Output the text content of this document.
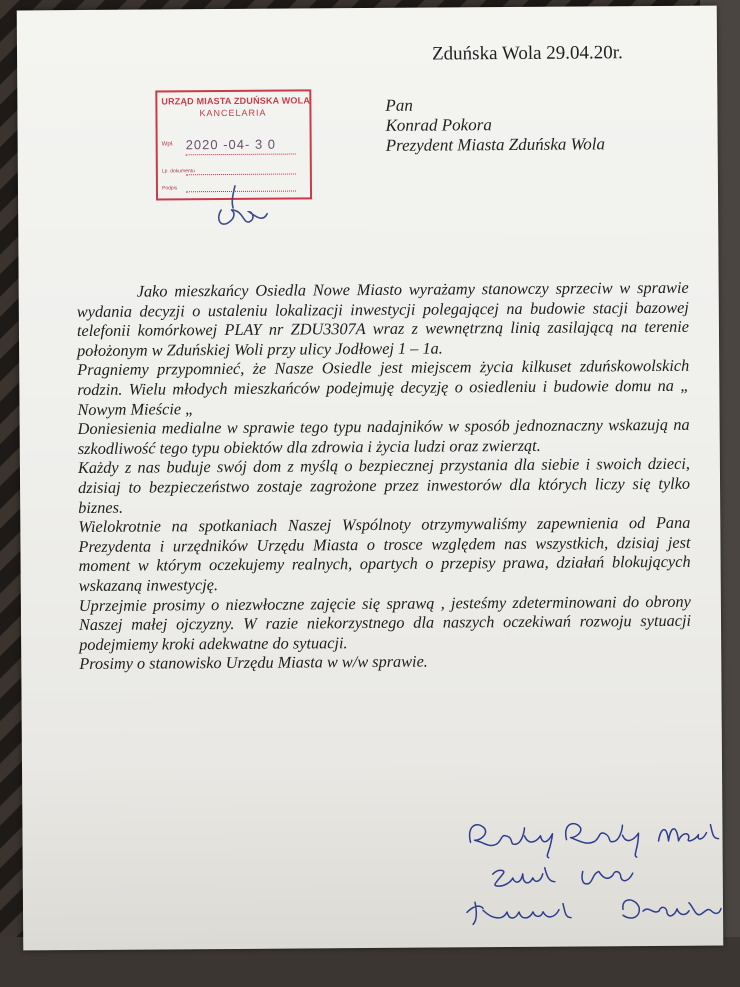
Zduńska Wola 29.04.20r.
URZĄD MIASTA ZDUŃSKA WOLA
KANCELARIA
Wpł. 2020 -04- 3 0
Lp. dokumentu
Podpis
Pan
Konrad Pokora
Prezydent Miasta Zduńska Wola

Jako mieszkańcy Osiedla Nowe Miasto wyrażamy stanowczy sprzeciw w sprawie wydania decyzji o ustaleniu lokalizacji inwestycji polegającej na budowie stacji bazowej telefonii komórkowej PLAY nr ZDU3307A wraz z wewnętrzną linią zasilającą na terenie położonym w Zduńskiej Woli przy ulicy Jodłowej 1 – 1a.

Pragniemy przypomnieć, że Nasze Osiedle jest miejscem życia kilkuset zduńskowolskich rodzin. Wielu młodych mieszkańców podejmuję decyzję o osiedleniu i budowie domu na „ Nowym Mieście „

Doniesienia medialne w sprawie tego typu nadajników w sposób jednoznaczny wskazują na szkodliwość tego typu obiektów dla zdrowia i życia ludzi oraz zwierząt.

Każdy z nas buduje swój dom z myślą o bezpiecznej przystania dla siebie i swoich dzieci, dzisiaj to bezpieczeństwo zostaje zagrożone przez inwestorów dla których liczy się tylko biznes.

Wielokrotnie na spotkaniach Naszej Wspólnoty otrzymywaliśmy zapewnienia od Pana Prezydenta i urzędników Urzędu Miasta o trosce względem nas wszystkich, dzisiaj jest moment w którym oczekujemy realnych, opartych o przepisy prawa, działań blokujących wskazaną inwestycję.

Uprzejmie prosimy o niezwłoczne zajęcie się sprawą , jesteśmy zdeterminowani do obrony Naszej małej ojczyzny. W razie niekorzystnego dla naszych oczekiwań rozwoju sytuacji podejmiemy kroki adekwatne do sytuacji.

Prosimy o stanowisko Urzędu Miasta w w/w sprawie.
